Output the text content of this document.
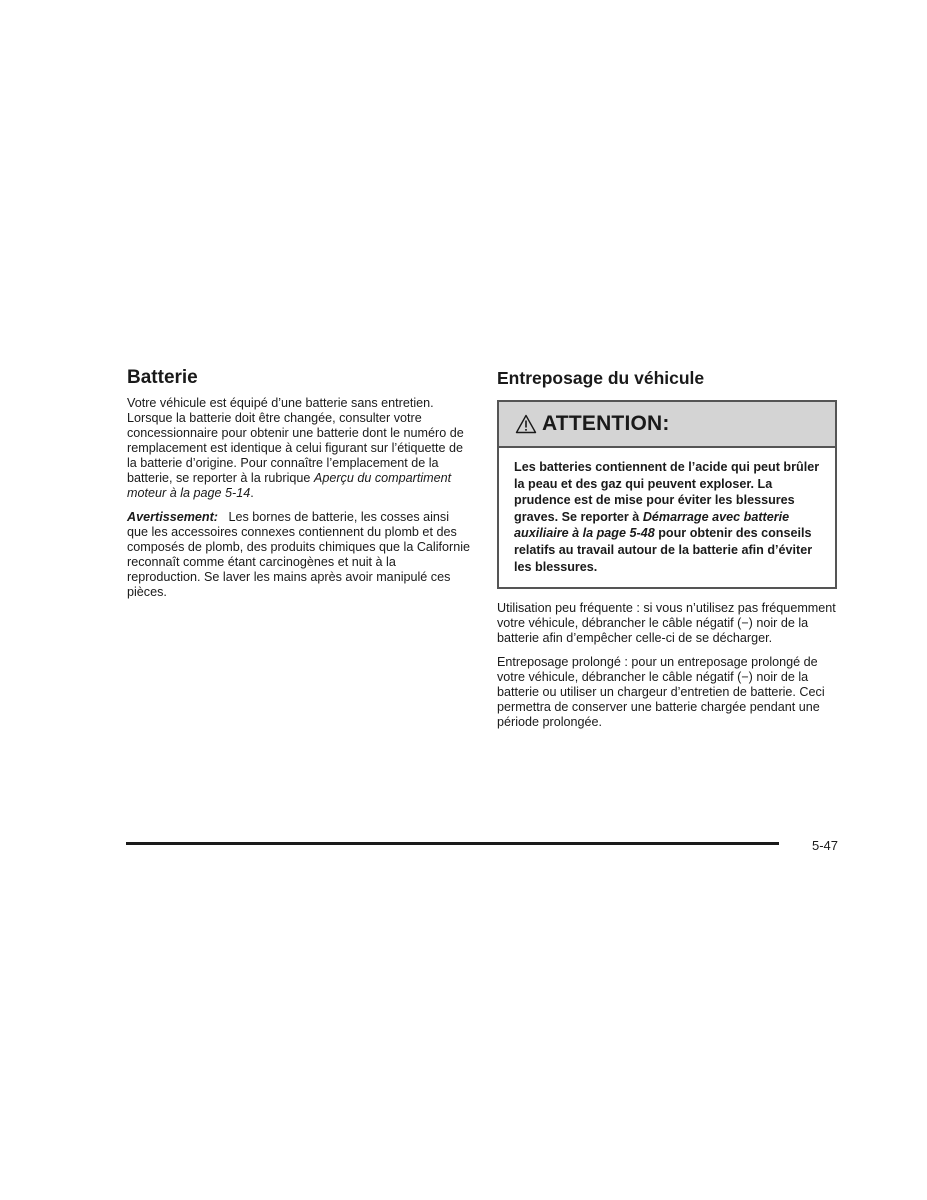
Batterie

Votre véhicule est équipé d’une batterie sans entretien. Lorsque la batterie doit être changée, consulter votre concessionnaire pour obtenir une batterie dont le numéro de remplacement est identique à celui figurant sur l’étiquette de la batterie d’origine. Pour connaître l’emplacement de la batterie, se reporter à la rubrique Aperçu du compartiment moteur à la page 5-14.

Avertissement: Les bornes de batterie, les cosses ainsi que les accessoires connexes contiennent du plomb et des composés de plomb, des produits chimiques que la Californie reconnaît comme étant carcinogènes et nuit à la reproduction. Se laver les mains après avoir manipulé ces pièces.

Entreposage du véhicule
ATTENTION:
Les batteries contiennent de l’acide qui peut brûler la peau et des gaz qui peuvent exploser. La prudence est de mise pour éviter les blessures graves. Se reporter à Démarrage avec batterie auxiliaire à la page 5-48 pour obtenir des conseils relatifs au travail autour de la batterie afin d’éviter les blessures.

Utilisation peu fréquente : si vous n’utilisez pas fréquemment votre véhicule, débrancher le câble négatif (−) noir de la batterie afin d’empêcher celle-ci de se décharger.

Entreposage prolongé : pour un entreposage prolongé de votre véhicule, débrancher le câble négatif (−) noir de la batterie ou utiliser un chargeur d’entretien de batterie. Ceci permettra de conserver une batterie chargée pendant une période prolongée.

5-47
